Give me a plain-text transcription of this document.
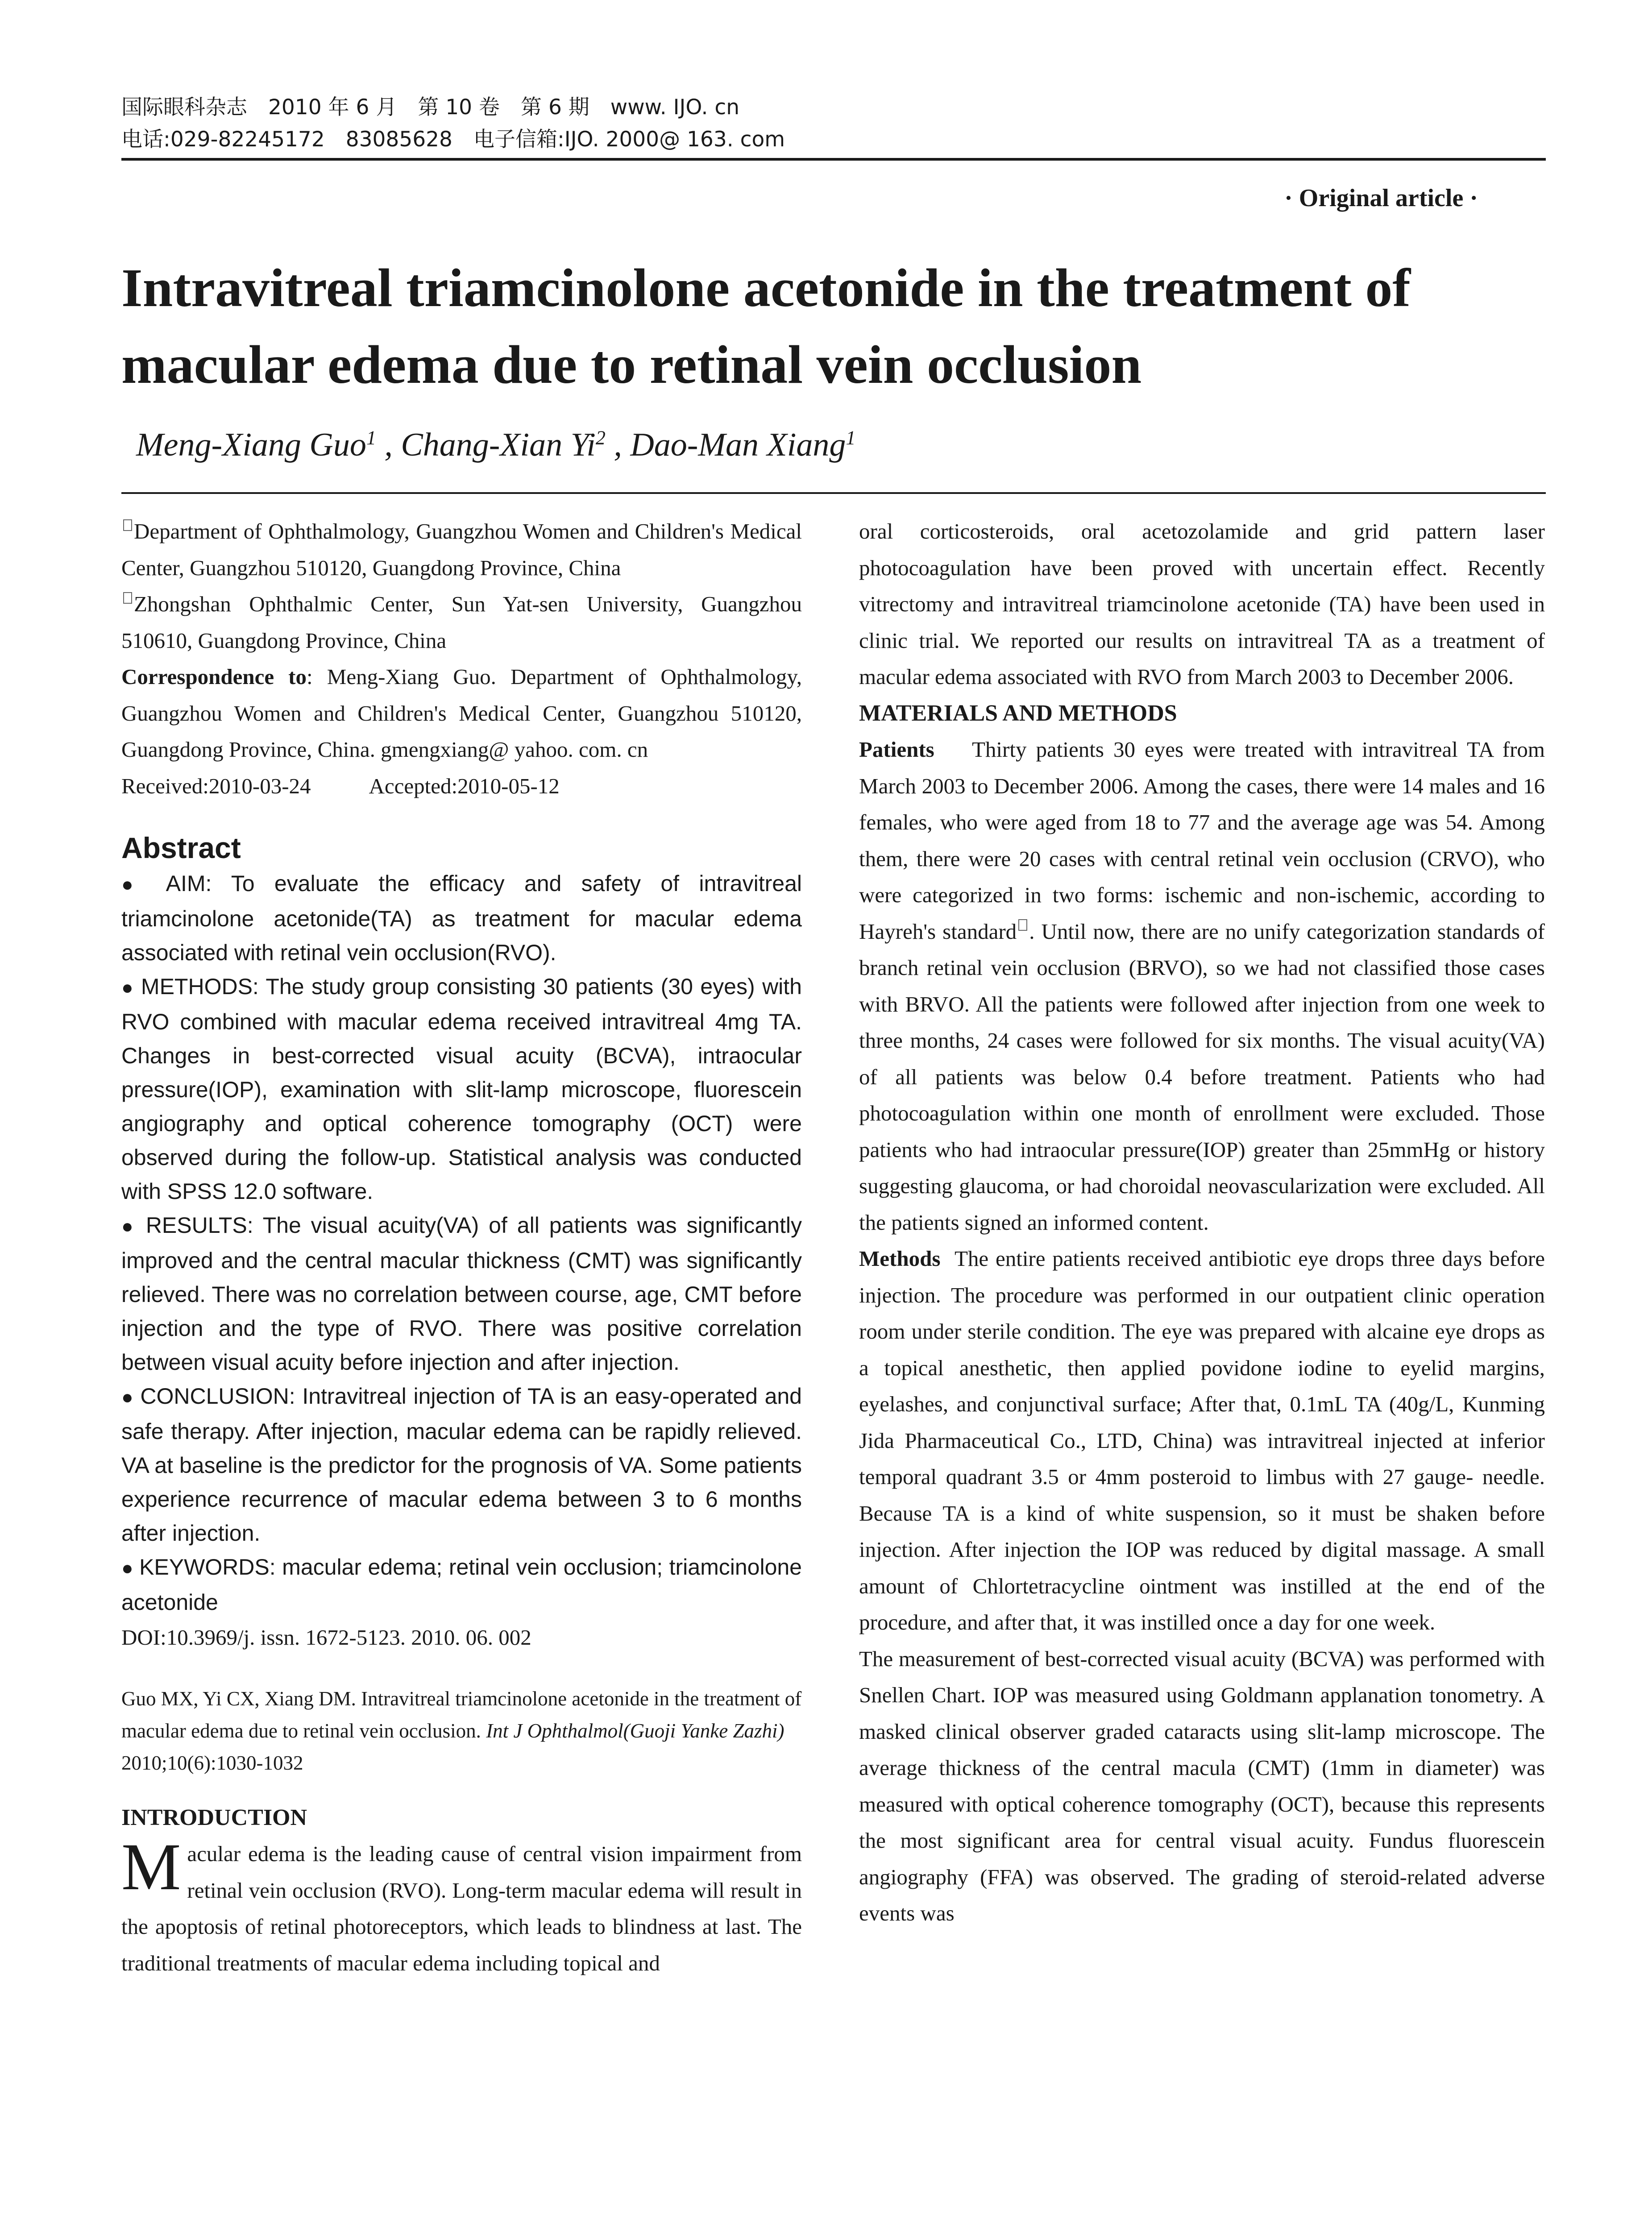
国际眼科杂志　2010 年 6 月　第 10 卷　第 6 期　www. IJO. cn
电话:029-82245172　83085628　电子信箱:IJO. 2000@ 163. com
· Original article ·
Intravitreal triamcinolone acetonide in the treatment of macular edema due to retinal vein occlusion
Meng-Xiang Guo$^1$ , Chang-Xian Yi$^2$ , Dao-Man Xiang$^1$

Department of Ophthalmology, Guangzhou Women and Children's Medical Center, Guangzhou 510120, Guangdong Province, China

Zhongshan Ophthalmic Center, Sun Yat-sen University, Guangzhou 510610, Guangdong Province, China

Correspondence to: Meng-Xiang Guo. Department of Ophthalmology, Guangzhou Women and Children's Medical Center, Guangzhou 510120, Guangdong Province, China. gmengxiang@ yahoo. com. cn

Received:2010-03-24	Accepted:2010-05-12

Abstract

● AIM: To evaluate the efficacy and safety of intravitreal triamcinolone acetonide(TA) as treatment for macular edema associated with retinal vein occlusion(RVO).

● METHODS: The study group consisting 30 patients (30 eyes) with RVO combined with macular edema received intravitreal 4mg TA. Changes in best-corrected visual acuity (BCVA), intraocular pressure(IOP), examination with slit-lamp microscope, fluorescein angiography and optical coherence tomography (OCT) were observed during the follow-up. Statistical analysis was conducted with SPSS 12.0 software.

● RESULTS: The visual acuity(VA) of all patients was significantly improved and the central macular thickness (CMT) was significantly relieved. There was no correlation between course, age, CMT before injection and the type of RVO. There was positive correlation between visual acuity before injection and after injection.

● CONCLUSION: Intravitreal injection of TA is an easy-operated and safe therapy. After injection, macular edema can be rapidly relieved. VA at baseline is the predictor for the prognosis of VA. Some patients experience recurrence of macular edema between 3 to 6 months after injection.

● KEYWORDS: macular edema; retinal vein occlusion; triamcinolone acetonide

DOI:10.3969/j. issn. 1672-5123. 2010. 06. 002

Guo MX, Yi CX, Xiang DM. Intravitreal triamcinolone acetonide in the treatment of macular edema due to retinal vein occlusion. Int J Ophthalmol(Guoji Yanke Zazhi) 2010;10(6):1030-1032

INTRODUCTION

Macular edema is the leading cause of central vision impairment from retinal vein occlusion (RVO). Long-term macular edema will result in the apoptosis of retinal photoreceptors, which leads to blindness at last. The traditional treatments of macular edema including topical and

oral corticosteroids, oral acetozolamide and grid pattern laser photocoagulation have been proved with uncertain effect. Recently vitrectomy and intravitreal triamcinolone acetonide (TA) have been used in clinic trial. We reported our results on intravitreal TA as a treatment of macular edema associated with RVO from March 2003 to December 2006.

MATERIALS AND METHODS

Patients Thirty patients 30 eyes were treated with intravitreal TA from March 2003 to December 2006. Among the cases, there were 14 males and 16 females, who were aged from 18 to 77 and the average age was 54. Among them, there were 20 cases with central retinal vein occlusion (CRVO), who were categorized in two forms: ischemic and non-ischemic, according to Hayreh's standard . Until now, there are no unify categorization standards of branch retinal vein occlusion (BRVO), so we had not classified those cases with BRVO. All the patients were followed after injection from one week to three months, 24 cases were followed for six months. The visual acuity(VA) of all patients was below 0.4 before treatment. Patients who had photocoagulation within one month of enrollment were excluded. Those patients who had intraocular pressure(IOP) greater than 25mmHg or history suggesting glaucoma, or had choroidal neovascularization were excluded. All the patients signed an informed content.

Methods The entire patients received antibiotic eye drops three days before injection. The procedure was performed in our outpatient clinic operation room under sterile condition. The eye was prepared with alcaine eye drops as a topical anesthetic, then applied povidone iodine to eyelid margins, eyelashes, and conjunctival surface; After that, 0.1mL TA (40g/L, Kunming Jida Pharmaceutical Co., LTD, China) was intravitreal injected at inferior temporal quadrant 3.5 or 4mm posteroid to limbus with 27 gauge- needle. Because TA is a kind of white suspension, so it must be shaken before injection. After injection the IOP was reduced by digital massage. A small amount of Chlortetracycline ointment was instilled at the end of the procedure, and after that, it was instilled once a day for one week.

The measurement of best-corrected visual acuity (BCVA) was performed with Snellen Chart. IOP was measured using Goldmann applanation tonometry. A masked clinical observer graded cataracts using slit-lamp microscope. The average thickness of the central macula (CMT) (1mm in diameter) was measured with optical coherence tomography (OCT), because this represents the most significant area for central visual acuity. Fundus fluorescein angiography (FFA) was observed. The grading of steroid-related adverse events was
